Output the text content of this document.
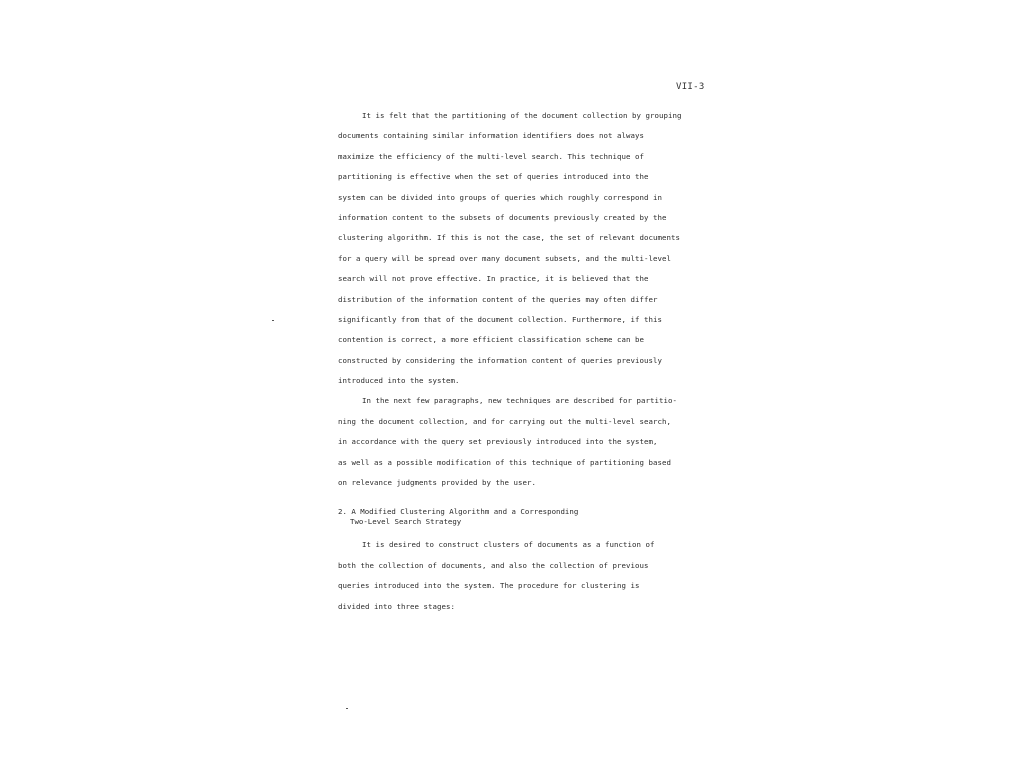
VII-3
It is felt that the partitioning of the document collection by grouping
documents containing similar information identifiers does not always
maximize the efficiency of the multi-level search. This technique of
partitioning is effective when the set of queries introduced into the
system can be divided into groups of queries which roughly correspond in
information content to the subsets of documents previously created by the
clustering algorithm. If this is not the case, the set of relevant documents
for a query will be spread over many document subsets, and the multi-level
search will not prove effective. In practice, it is believed that the
distribution of the information content of the queries may often differ
significantly from that of the document collection. Furthermore, if this
contention is correct, a more efficient classification scheme can be
constructed by considering the information content of queries previously
introduced into the system.
In the next few paragraphs, new techniques are described for partitio-
ning the document collection, and for carrying out the multi-level search,
in accordance with the query set previously introduced into the system,
as well as a possible modification of this technique of partitioning based
on relevance judgments provided by the user.
2. A Modified Clustering Algorithm and a Corresponding
Two-Level Search Strategy
It is desired to construct clusters of documents as a function of
both the collection of documents, and also the collection of previous
queries introduced into the system. The procedure for clustering is
divided into three stages:
